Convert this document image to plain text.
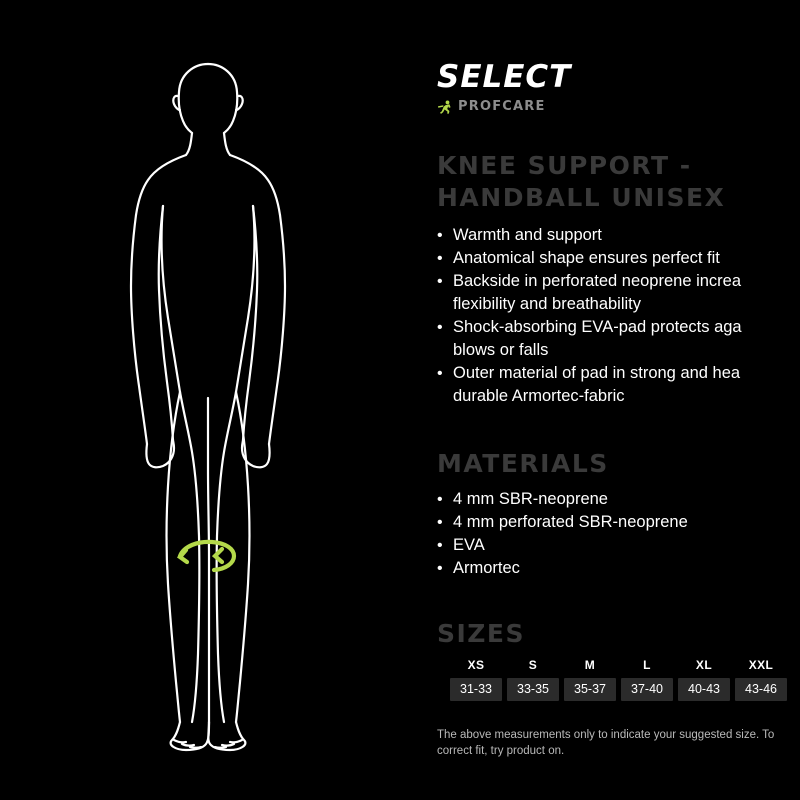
SELECT
PROFCARE
KNEE SUPPORT -
HANDBALL UNISEX
• Warmth and support
• Anatomical shape ensures perfect fit
• Backside in perforated neoprene increa
flexibility and breathability
• Shock-absorbing EVA-pad protects aga
blows or falls
• Outer material of pad in strong and hea
durable Armortec-fabric
MATERIALS
• 4 mm SBR-neoprene
• 4 mm perforated SBR-neoprene
• EVA
• Armortec
SIZES
XS	S	M	L	XL	XXL
31-33	33-35	35-37	37-40	40-43	43-46
The above measurements only to indicate your suggested size. To
correct fit, try product on.
